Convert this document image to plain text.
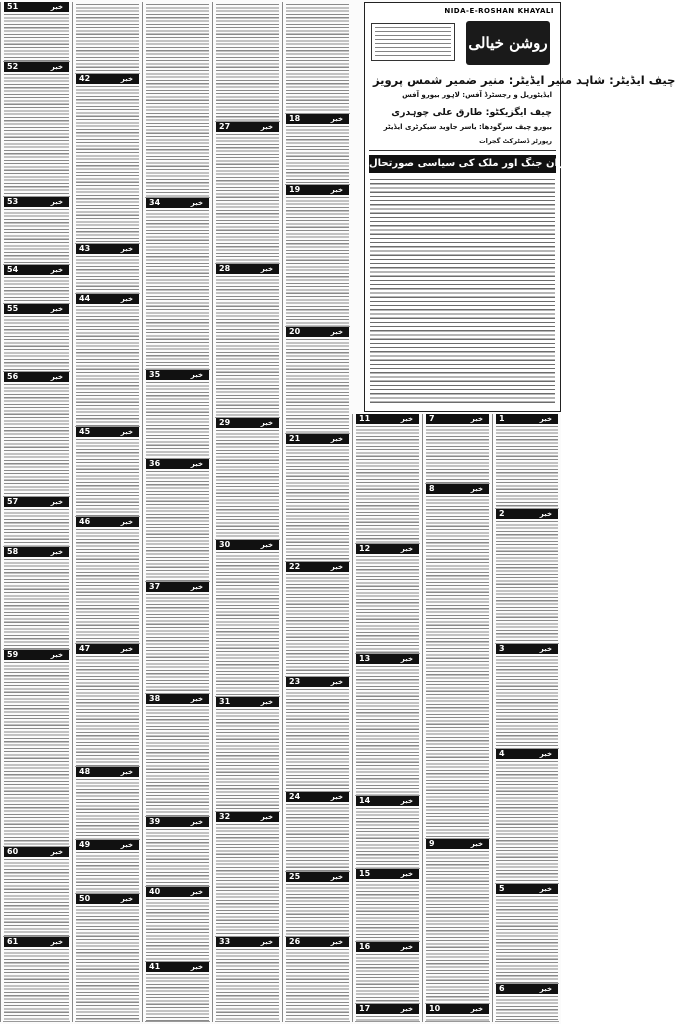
NIDA-E-ROSHAN KHAYALI
روشن خیالی
چیف ایڈیٹر: شاہد منیر ایڈیٹر: منیر ضمیر شمس پرویز
ایڈیٹوریل و رجسٹرڈ آفس: لاہور بیورو آفس
چیف ایگزیکٹو: طارق علی چوہدری
بیورو چیف سرگودھا: یاسر جاوید سیکرٹری ایڈیٹر
رپورٹر ڈسٹرکٹ گجرات
امریکہ ایران جنگ اور ملک کی سیاسی صورتحال
51	خبر
52	خبر
53	خبر
54	خبر
55	خبر
56	خبر
57	خبر
58	خبر
59	خبر
60	خبر
61	خبر
42	خبر
43	خبر
44	خبر
45	خبر
46	خبر
47	خبر
48	خبر
49	خبر
50	خبر
34	خبر
35	خبر
36	خبر
37	خبر
38	خبر
39	خبر
40	خبر
41	خبر
27	خبر
28	خبر
29	خبر
30	خبر
31	خبر
32	خبر
33	خبر
18	خبر
19	خبر
20	خبر
21	خبر
22	خبر
23	خبر
24	خبر
25	خبر
26	خبر
11	خبر
12	خبر
13	خبر
14	خبر
15	خبر
16	خبر
17	خبر
7	خبر
8	خبر
9	خبر
10	خبر
1	خبر
2	خبر
3	خبر
4	خبر
5	خبر
6	خبر
